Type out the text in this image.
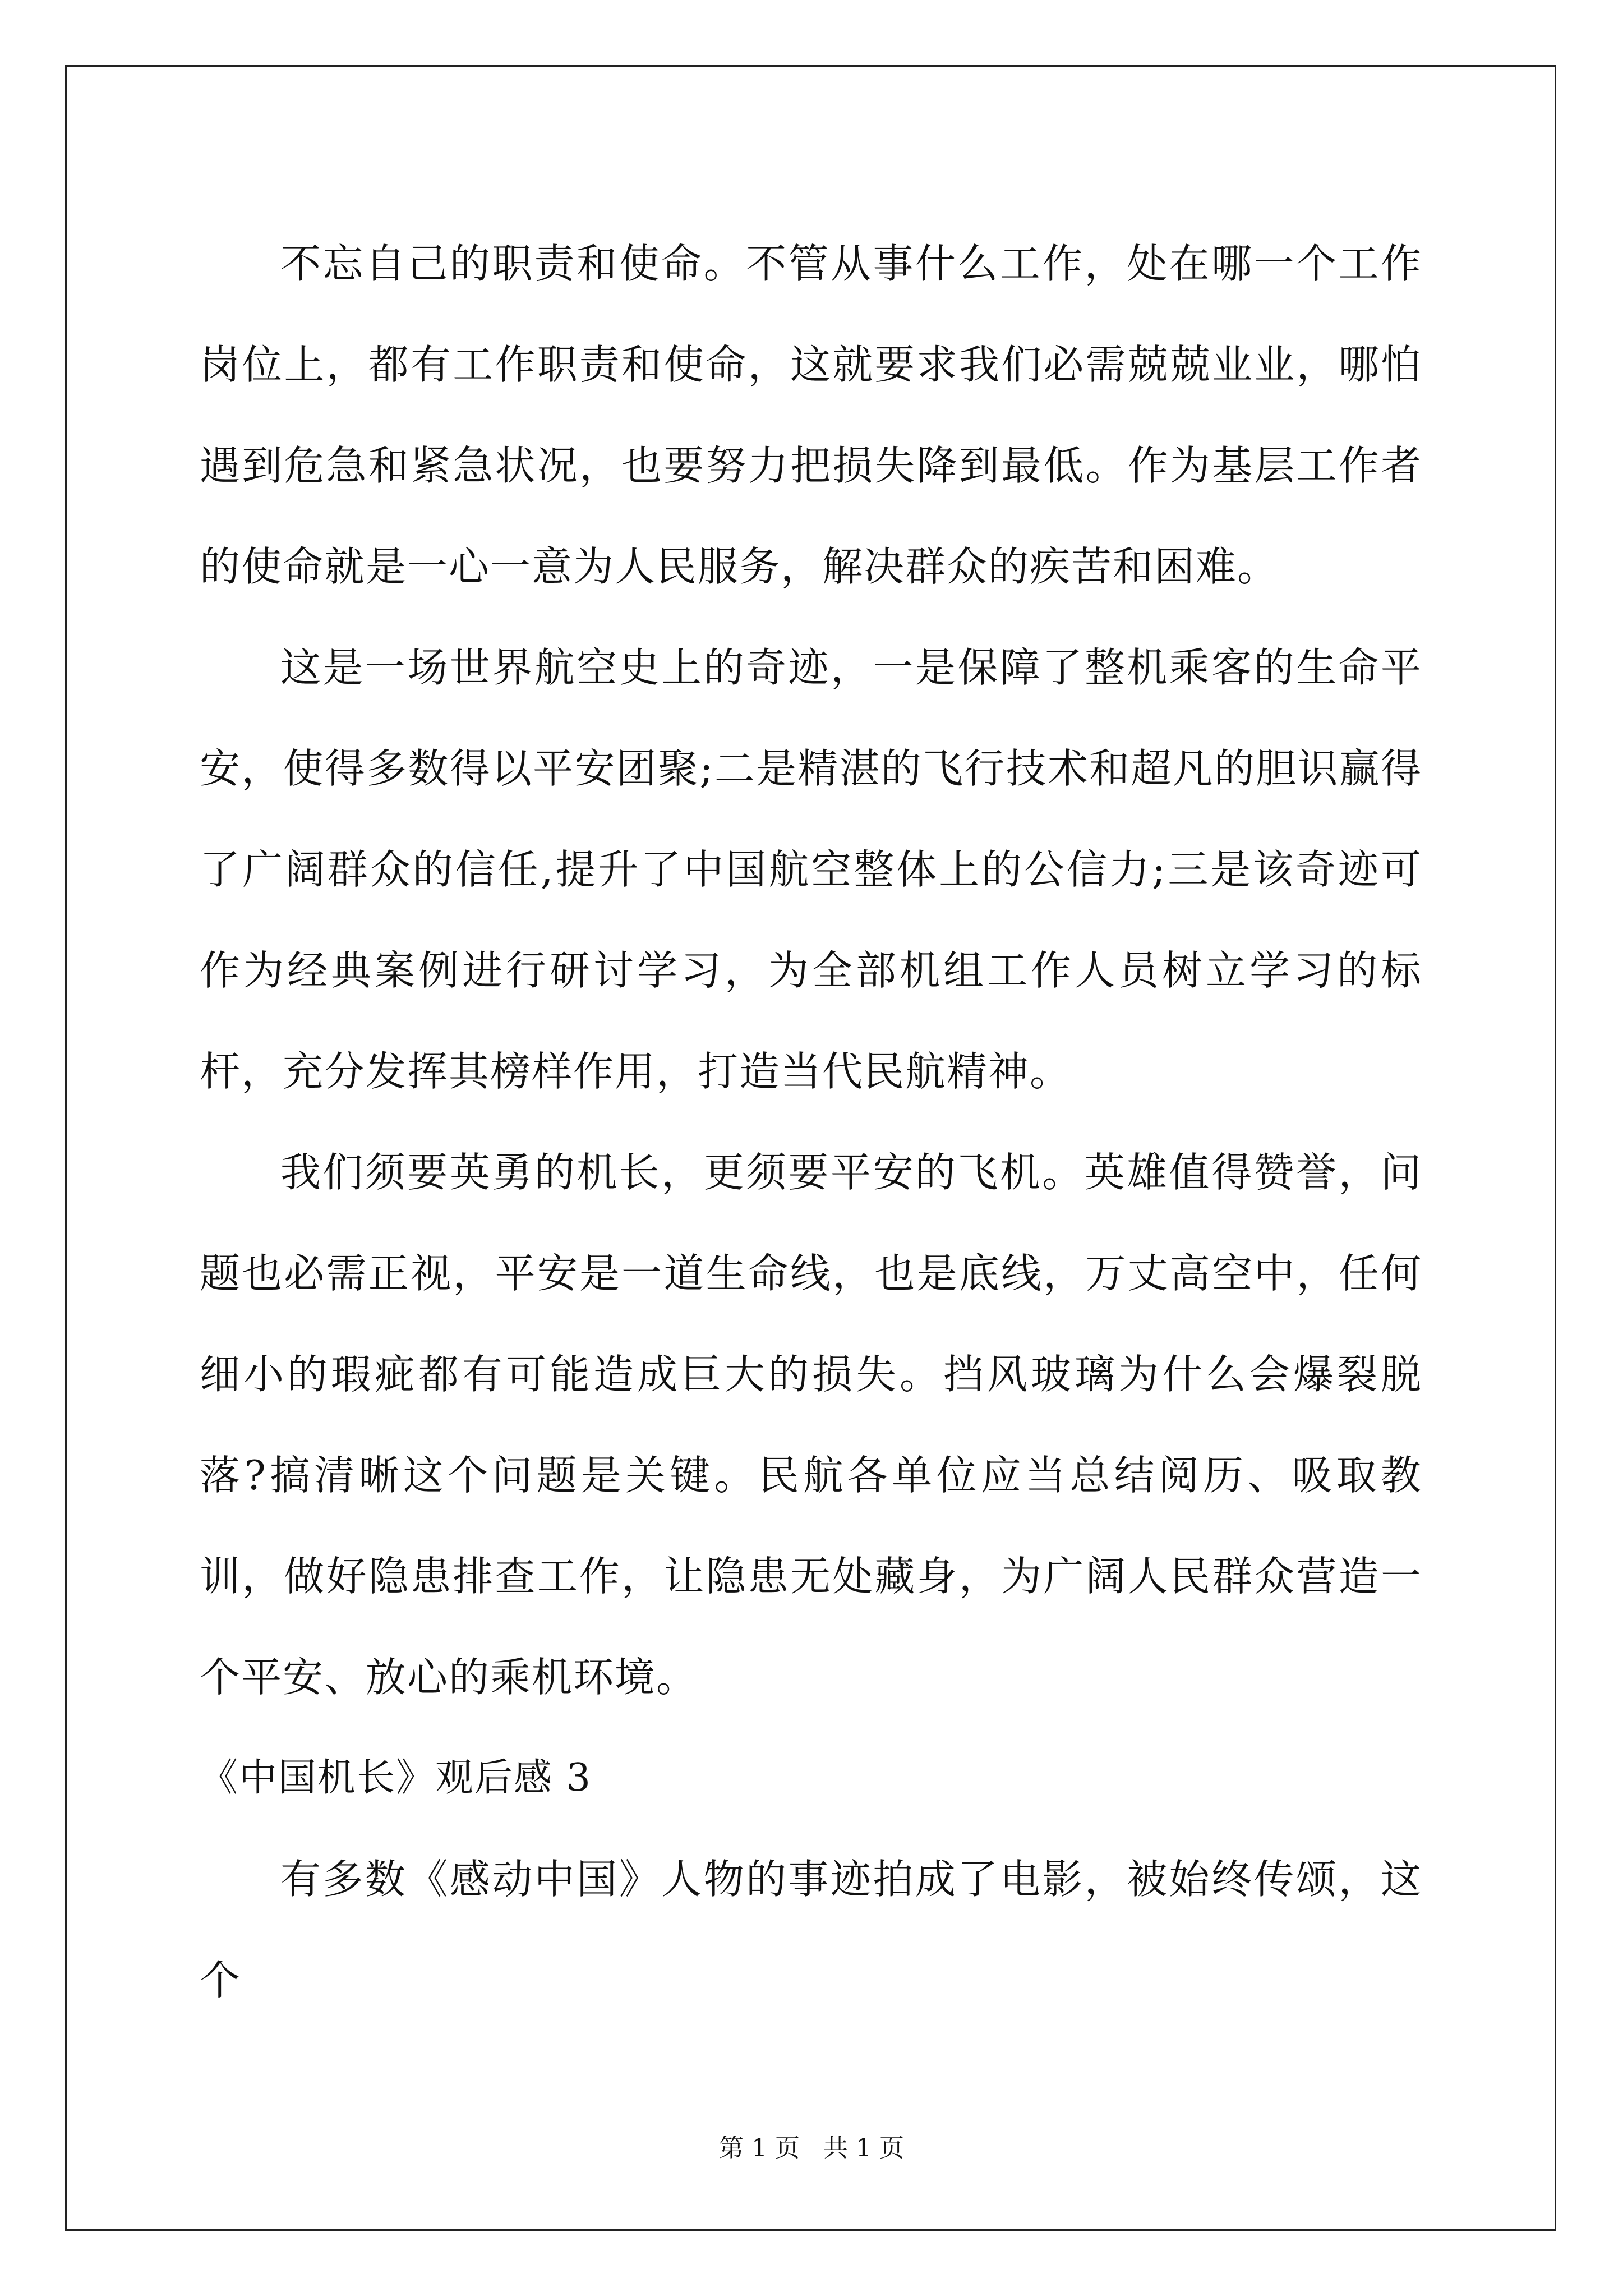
不忘自己的职责和使命。不管从事什么工作，处在哪一个工作岗位上，都有工作职责和使命，这就要求我们必需兢兢业业，哪怕遇到危急和紧急状况，也要努力把损失降到最低。作为基层工作者的使命就是一心一意为人民服务，解决群众的疾苦和困难。

这是一场世界航空史上的奇迹，一是保障了整机乘客的生命平安，使得多数得以平安团聚;二是精湛的飞行技术和超凡的胆识赢得了广阔群众的信任,提升了中国航空整体上的公信力;三是该奇迹可作为经典案例进行研讨学习，为全部机组工作人员树立学习的标杆，充分发挥其榜样作用，打造当代民航精神。

我们须要英勇的机长，更须要平安的飞机。英雄值得赞誉，问题也必需正视，平安是一道生命线，也是底线，万丈高空中，任何细小的瑕疵都有可能造成巨大的损失。挡风玻璃为什么会爆裂脱落?搞清晰这个问题是关键。民航各单位应当总结阅历、吸取教训，做好隐患排查工作，让隐患无处藏身，为广阔人民群众营造一个平安、放心的乘机环境。

《中国机长》观后感 3

有多数《感动中国》人物的事迹拍成了电影，被始终传颂，这个

第 1 页 共 1 页
